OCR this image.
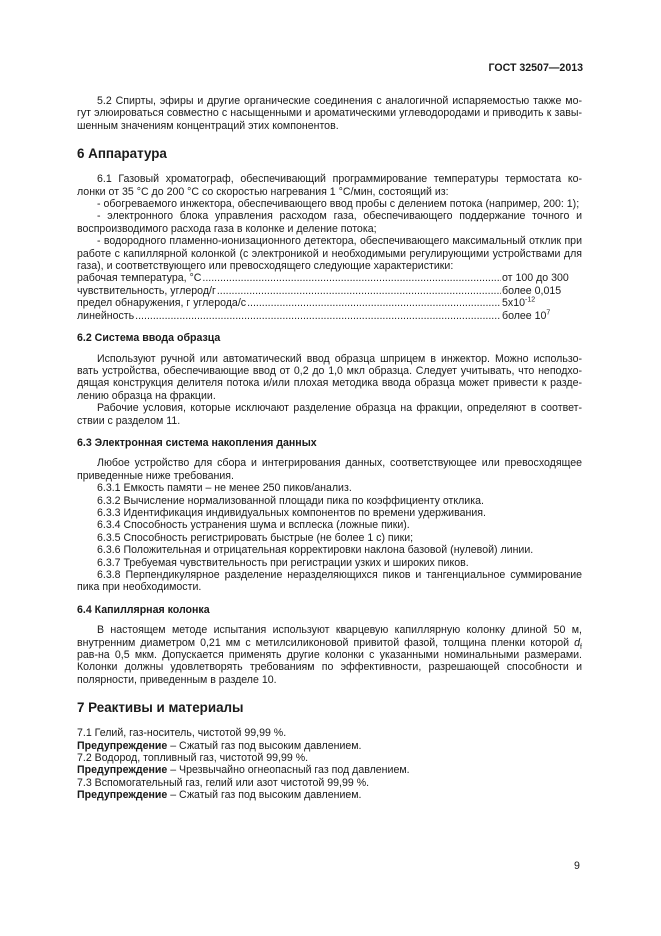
ГОСТ 32507—2013

5.2 Спирты, эфиры и другие органические соединения с аналогичной испаряемостью также мо-гут элюироваться совместно с насыщенными и ароматическими углеводородами и приводить к завы-шенным значениям концентраций этих компонентов.

6 Аппаратура

6.1 Газовый хроматограф, обеспечивающий программирование температуры термостата ко-лонки от 35 °С до 200 °С со скоростью нагревания 1 °С/мин, состоящий из:

- обогреваемого инжектора, обеспечивающего ввод пробы с делением потока (например, 200: 1);

- электронного блока управления расходом газа, обеспечивающего поддержание точного и воспроизводимого расхода газа в колонке и деление потока;

- водородного пламенно-ионизационного детектора, обеспечивающего максимальный отклик при работе с капиллярной колонкой (с электроникой и необходимыми регулирующими устройствами для газа), и соответствующего или превосходящего следующие характеристики:

рабочая температура, °С .....	от 100 до 300
чувствительность, углерод/г .....	более 0,015
предел обнаружения, г углерода/с .....	$5x10^{-12}$
линейность .....	более $10^7$
6.2 Система ввода образца

Используют ручной или автоматический ввод образца шприцем в инжектор. Можно использо-вать устройства, обеспечивающие ввод от 0,2 до 1,0 мкл образца. Следует учитывать, что неподхо-дящая конструкция делителя потока и/или плохая методика ввода образца может привести к разде-лению образца на фракции.

Рабочие условия, которые исключают разделение образца на фракции, определяют в соответ-ствии с разделом 11.

6.3 Электронная система накопления данных

Любое устройство для сбора и интегрирования данных, соответствующее или превосходящее приведенные ниже требования.

6.3.1 Емкость памяти – не менее 250 пиков/анализ.

6.3.2 Вычисление нормализованной площади пика по коэффициенту отклика.

6.3.3 Идентификация индивидуальных компонентов по времени удерживания.

6.3.4 Способность устранения шума и всплеска (ложные пики).

6.3.5 Способность регистрировать быстрые (не более 1 с) пики;

6.3.6 Положительная и отрицательная корректировки наклона базовой (нулевой) линии.

6.3.7 Требуемая чувствительность при регистрации узких и широких пиков.

6.3.8 Перпендикулярное разделение неразделяющихся пиков и тангенциальное суммирование пика при необходимости.

6.4 Капиллярная колонка

В настоящем методе испытания используют кварцевую капиллярную колонку длиной 50 м, внутренним диаметром 0,21 мм с метилсиликоновой привитой фазой, толщина пленки которой $d_f$ рав-на 0,5 мкм. Допускается применять другие колонки с указанными номинальными размерами. Колонки должны удовлетворять требованиям по эффективности, разрешающей способности и полярности, приведенным в разделе 10.

7 Реактивы и материалы

7.1 Гелий, газ-носитель, чистотой 99,99 %.

Предупреждение – Сжатый газ под высоким давлением.

7.2 Водород, топливный газ, чистотой 99,99 %.

Предупреждение – Чрезвычайно огнеопасный газ под давлением.

7.3 Вспомогательный газ, гелий или азот чистотой 99,99 %.

Предупреждение – Сжатый газ под высоким давлением.

9
